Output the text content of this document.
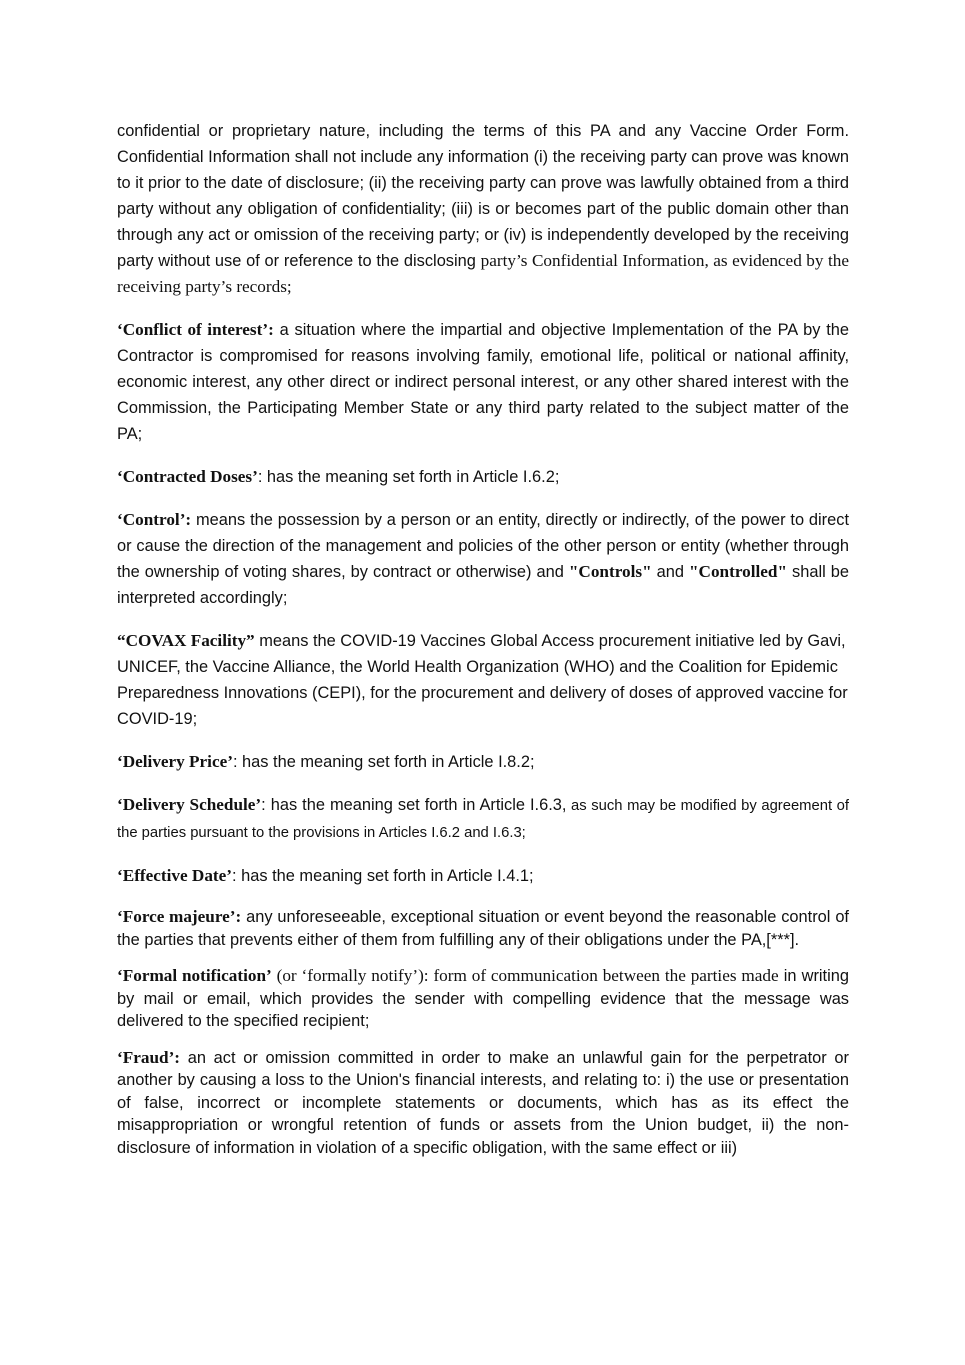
confidential or proprietary nature, including the terms of this PA and any Vaccine Order Form. Confidential Information shall not include any information (i) the receiving party can prove was known to it prior to the date of disclosure; (ii) the receiving party can prove was lawfully obtained from a third party without any obligation of confidentiality; (iii) is or becomes part of the public domain other than through any act or omission of the receiving party; or (iv) is independently developed by the receiving party without use of or reference to the disclosing party’s Confidential Information, as evidenced by the receiving party’s records;

‘Conflict of interest’: a situation where the impartial and objective Implementation of the PA by the Contractor is compromised for reasons involving family, emotional life, political or national affinity, economic interest, any other direct or indirect personal interest, or any other shared interest with the Commission, the Participating Member State or any third party related to the subject matter of the PA;

‘Contracted Doses’: has the meaning set forth in Article I.6.2;

‘Control’: means the possession by a person or an entity, directly or indirectly, of the power to direct or cause the direction of the management and policies of the other person or entity (whether through the ownership of voting shares, by contract or otherwise) and "Controls" and "Controlled" shall be interpreted accordingly;

“COVAX Facility” means the COVID-19 Vaccines Global Access procurement initiative led by Gavi, UNICEF, the Vaccine Alliance, the World Health Organization (WHO) and the Coalition for Epidemic Preparedness Innovations (CEPI), for the procurement and delivery of doses of approved vaccine for COVID-19;

‘Delivery Price’: has the meaning set forth in Article I.8.2;

‘Delivery Schedule’: has the meaning set forth in Article I.6.3, as such may be modified by agreement of the parties pursuant to the provisions in Articles I.6.2 and I.6.3;

‘Effective Date’: has the meaning set forth in Article I.4.1;

‘Force majeure’: any unforeseeable, exceptional situation or event beyond the reasonable control of the parties that prevents either of them from fulfilling any of their obligations under the PA,[***].

‘Formal notification’ (or ‘formally notify’): form of communication between the parties made in writing by mail or email, which provides the sender with compelling evidence that the message was delivered to the specified recipient;

‘Fraud’: an act or omission committed in order to make an unlawful gain for the perpetrator or another by causing a loss to the Union's financial interests, and relating to: i) the use or presentation of false, incorrect or incomplete statements or documents, which has as its effect the misappropriation or wrongful retention of funds or assets from the Union budget, ii) the non-disclosure of information in violation of a specific obligation, with the same effect or iii)
